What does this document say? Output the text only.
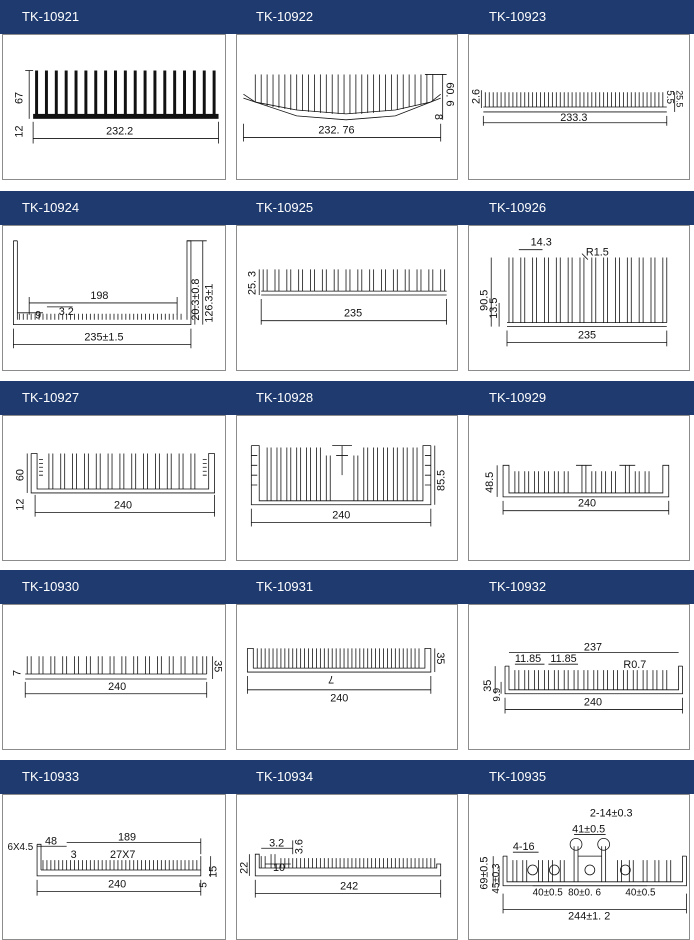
TK-10921	TK-10922	TK-10923
TK-10924	TK-10925	TK-10926
TK-10927	TK-10928	TK-10929
TK-10930	TK-10931	TK-10932
TK-10933	TK-10934	TK-10935
67
12	232.2
60. 6
8
232. 76
2.6	5.5 25.5
233.3
198
9 3.2	20.3±0.8 126.3±1
235±1.5
25. 3
235
14.3
R1.5
90.5
13.5
235
60
12	240
85.5
240
48.5
240
7
35
240
7
35
240
237
11.85 11.85	R0.7
35
9.9
240
6X4.5
48	189
3	27X7
5
15
240
3.2 3.6
22 10
242
2-14±0.3
41±0.5
4-16
69±0.5 45±0.3	40±0.5 80±0. 6 40±0.5
244±1. 2
